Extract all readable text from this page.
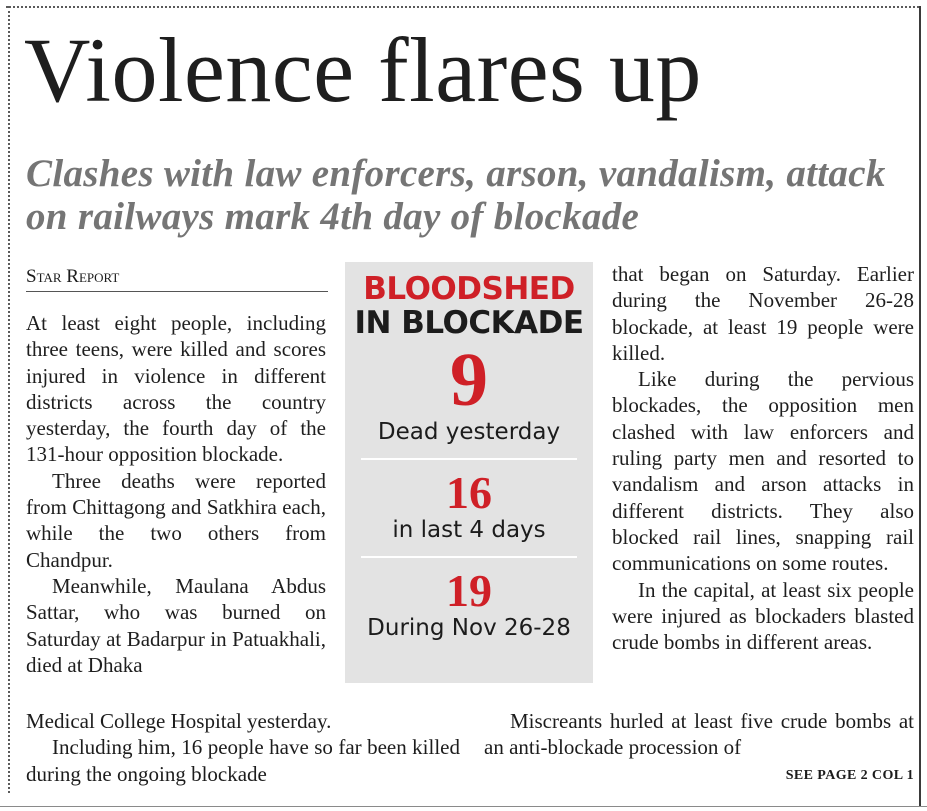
Violence flares up
Clashes with law enforcers, arson, vandalism, attack on railways mark 4th day of blockade
Star Report

At least eight people, including three teens, were killed and scores injured in violence in different districts across the country yesterday, the fourth day of the 131-hour opposition blockade.

Three deaths were reported from Chittagong and Satkhira each, while the two others from Chandpur.

Meanwhile, Maulana Abdus Sattar, who was burned on Saturday at Badarpur in Patuakhali, died at Dhaka

BLOODSHED
IN BLOCKADE
9
Dead yesterday
16
in last 4 days
19
During Nov 26-28

that began on Saturday. Earlier during the November 26-28 blockade, at least 19 people were killed.

Like during the pervious blockades, the opposition men clashed with law enforcers and ruling party men and resorted to vandalism and arson attacks in different districts. They also blocked rail lines, snapping rail communications on some routes.

In the capital, at least six people were injured as blockaders blasted crude bombs in different areas.

Medical College Hospital yesterday.

Including him, 16 people have so far been killed during the ongoing blockade

Miscreants hurled at least five crude bombs at an anti-blockade procession of

SEE PAGE 2 COL 1
